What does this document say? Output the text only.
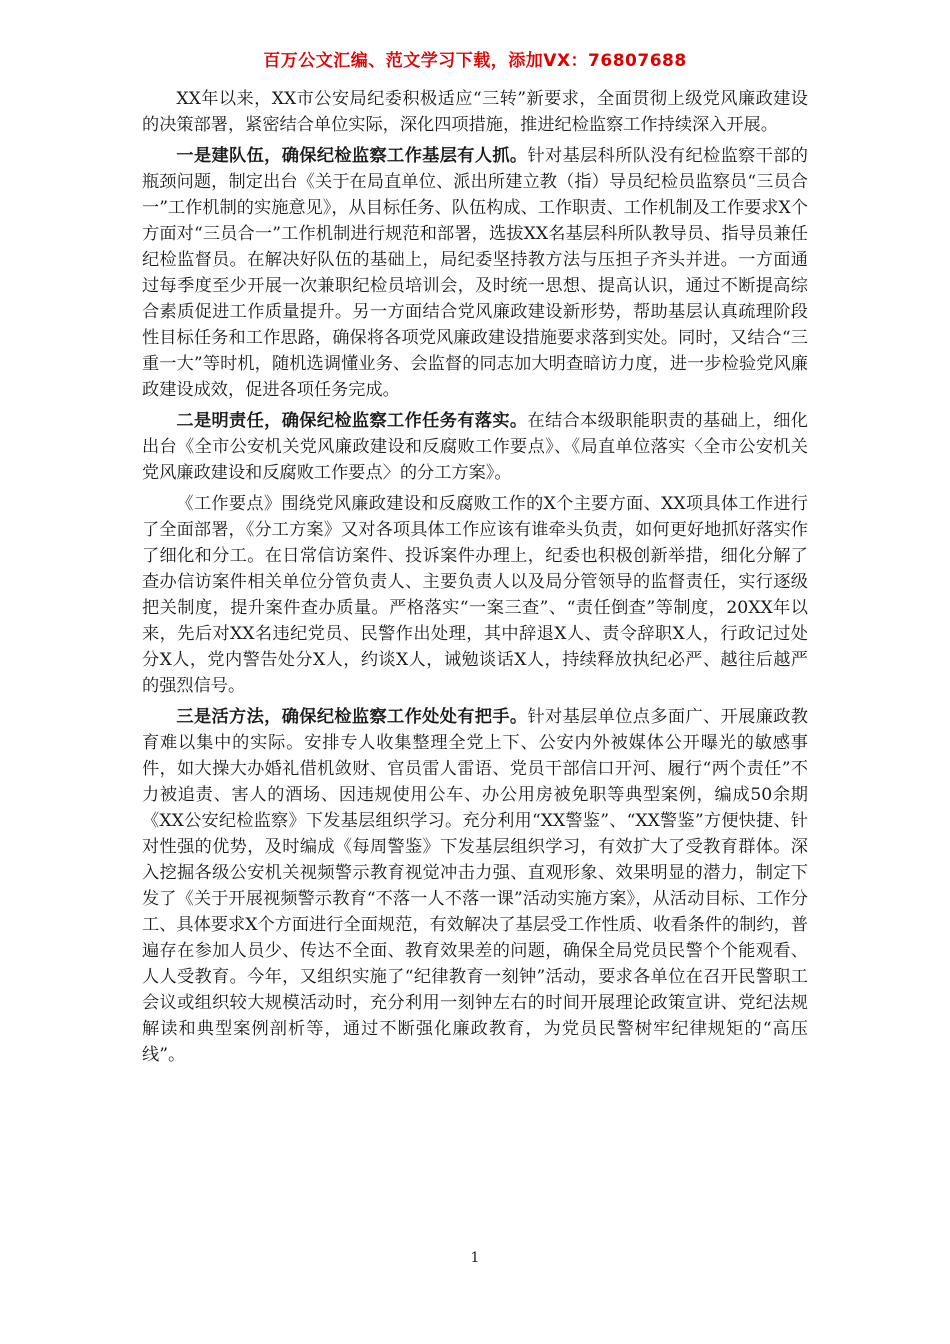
百万公文汇编、范文学习下载，添加VX：76807688

XX年以来，XX市公安局纪委积极适应“三转”新要求，全面贯彻上级党风廉政建设的决策部署，紧密结合单位实际，深化四项措施，推进纪检监察工作持续深入开展。

一是建队伍，确保纪检监察工作基层有人抓。针对基层科所队没有纪检监察干部的瓶颈问题，制定出台《关于在局直单位、派出所建立教（指）导员纪检员监察员“三员合一”工作机制的实施意见》，从目标任务、队伍构成、工作职责、工作机制及工作要求X个方面对“三员合一”工作机制进行规范和部署，选拔XX名基层科所队教导员、指导员兼任纪检监督员。在解决好队伍的基础上，局纪委坚持教方法与压担子齐头并进。一方面通过每季度至少开展一次兼职纪检员培训会，及时统一思想、提高认识，通过不断提高综合素质促进工作质量提升。另一方面结合党风廉政建设新形势，帮助基层认真疏理阶段性目标任务和工作思路，确保将各项党风廉政建设措施要求落到实处。同时，又结合“三重一大”等时机，随机选调懂业务、会监督的同志加大明查暗访力度，进一步检验党风廉政建设成效，促进各项任务完成。

二是明责任，确保纪检监察工作任务有落实。在结合本级职能职责的基础上，细化出台《全市公安机关党风廉政建设和反腐败工作要点》、《局直单位落实〈全市公安机关党风廉政建设和反腐败工作要点〉的分工方案》。

《工作要点》围绕党风廉政建设和反腐败工作的X个主要方面、XX项具体工作进行了全面部署，《分工方案》又对各项具体工作应该有谁牵头负责，如何更好地抓好落实作了细化和分工。在日常信访案件、投诉案件办理上，纪委也积极创新举措，细化分解了查办信访案件相关单位分管负责人、主要负责人以及局分管领导的监督责任，实行逐级把关制度，提升案件查办质量。严格落实“一案三查”、“责任倒查”等制度，20XX年以来，先后对XX名违纪党员、民警作出处理，其中辞退X人、责令辞职X人，行政记过处分X人，党内警告处分X人，约谈X人，诫勉谈话X人，持续释放执纪必严、越往后越严的强烈信号。

三是活方法，确保纪检监察工作处处有把手。针对基层单位点多面广、开展廉政教育难以集中的实际。安排专人收集整理全党上下、公安内外被媒体公开曝光的敏感事件，如大操大办婚礼借机敛财、官员雷人雷语、党员干部信口开河、履行“两个责任”不力被追责、害人的酒场、因违规使用公车、办公用房被免职等典型案例，编成50余期《XX公安纪检监察》下发基层组织学习。充分利用“XX警鉴”、“XX警鉴”方便快捷、针对性强的优势，及时编成《每周警鉴》下发基层组织学习，有效扩大了受教育群体。深入挖掘各级公安机关视频警示教育视觉冲击力强、直观形象、效果明显的潜力，制定下发了《关于开展视频警示教育“不落一人不落一课”活动实施方案》，从活动目标、工作分工、具体要求X个方面进行全面规范，有效解决了基层受工作性质、收看条件的制约，普遍存在参加人员少、传达不全面、教育效果差的问题，确保全局党员民警个个能观看、人人受教育。今年，又组织实施了“纪律教育一刻钟”活动，要求各单位在召开民警职工会议或组织较大规模活动时，充分利用一刻钟左右的时间开展理论政策宣讲、党纪法规解读和典型案例剖析等，通过不断强化廉政教育，为党员民警树牢纪律规矩的“高压线”。

1
